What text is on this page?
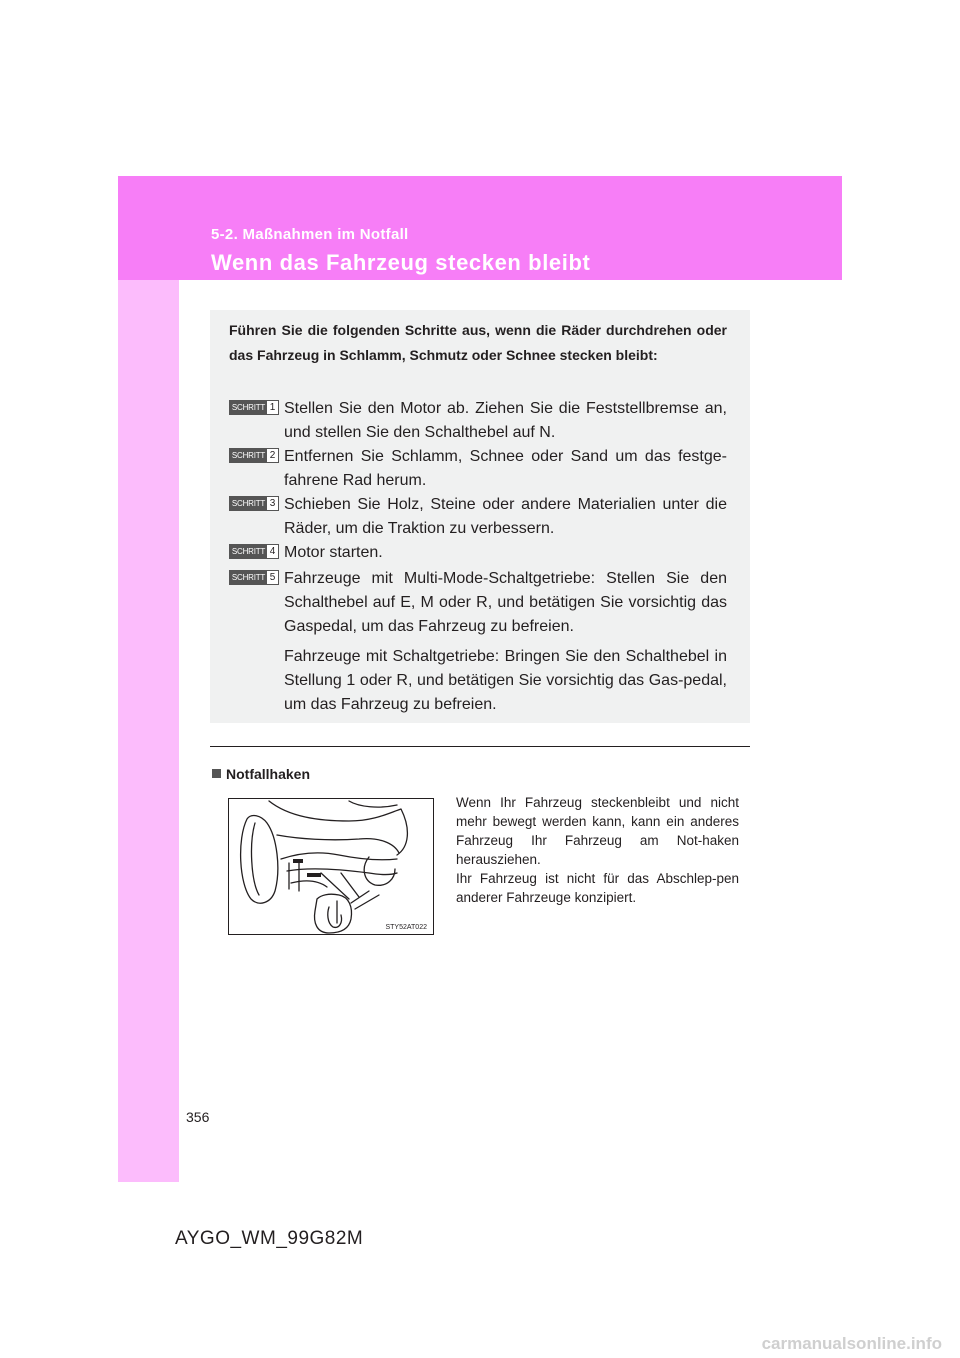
5-2. Maßnahmen im Notfall
Wenn das Fahrzeug stecken bleibt
Führen Sie die folgenden Schritte aus, wenn die Räder durchdrehen oder das Fahrzeug in Schlamm, Schmutz oder Schnee stecken bleibt:
SCHRITT 1 Stellen Sie den Motor ab. Ziehen Sie die Feststellbremse an, und stellen Sie den Schalthebel auf N.

SCHRITT 2 Entfernen Sie Schlamm, Schnee oder Sand um das festge-fahrene Rad herum.

SCHRITT 3 Schieben Sie Holz, Steine oder andere Materialien unter die Räder, um die Traktion zu verbessern.

SCHRITT 4 Motor starten.

SCHRITT 5 Fahrzeuge mit Multi-Mode-Schaltgetriebe: Stellen Sie den Schalthebel auf E, M oder R, und betätigen Sie vorsichtig das Gaspedal, um das Fahrzeug zu befreien.

Fahrzeuge mit Schaltgetriebe: Bringen Sie den Schalthebel in Stellung 1 oder R, und betätigen Sie vorsichtig das Gas-pedal, um das Fahrzeug zu befreien.

Notfallhaken
STY52AT022

Wenn Ihr Fahrzeug steckenbleibt und nicht mehr bewegt werden kann, kann ein anderes Fahrzeug Ihr Fahrzeug am Not-haken herausziehen.

Ihr Fahrzeug ist nicht für das Abschlep-pen anderer Fahrzeuge konzipiert.

356
AYGO_WM_99G82M
carmanualsonline.info
